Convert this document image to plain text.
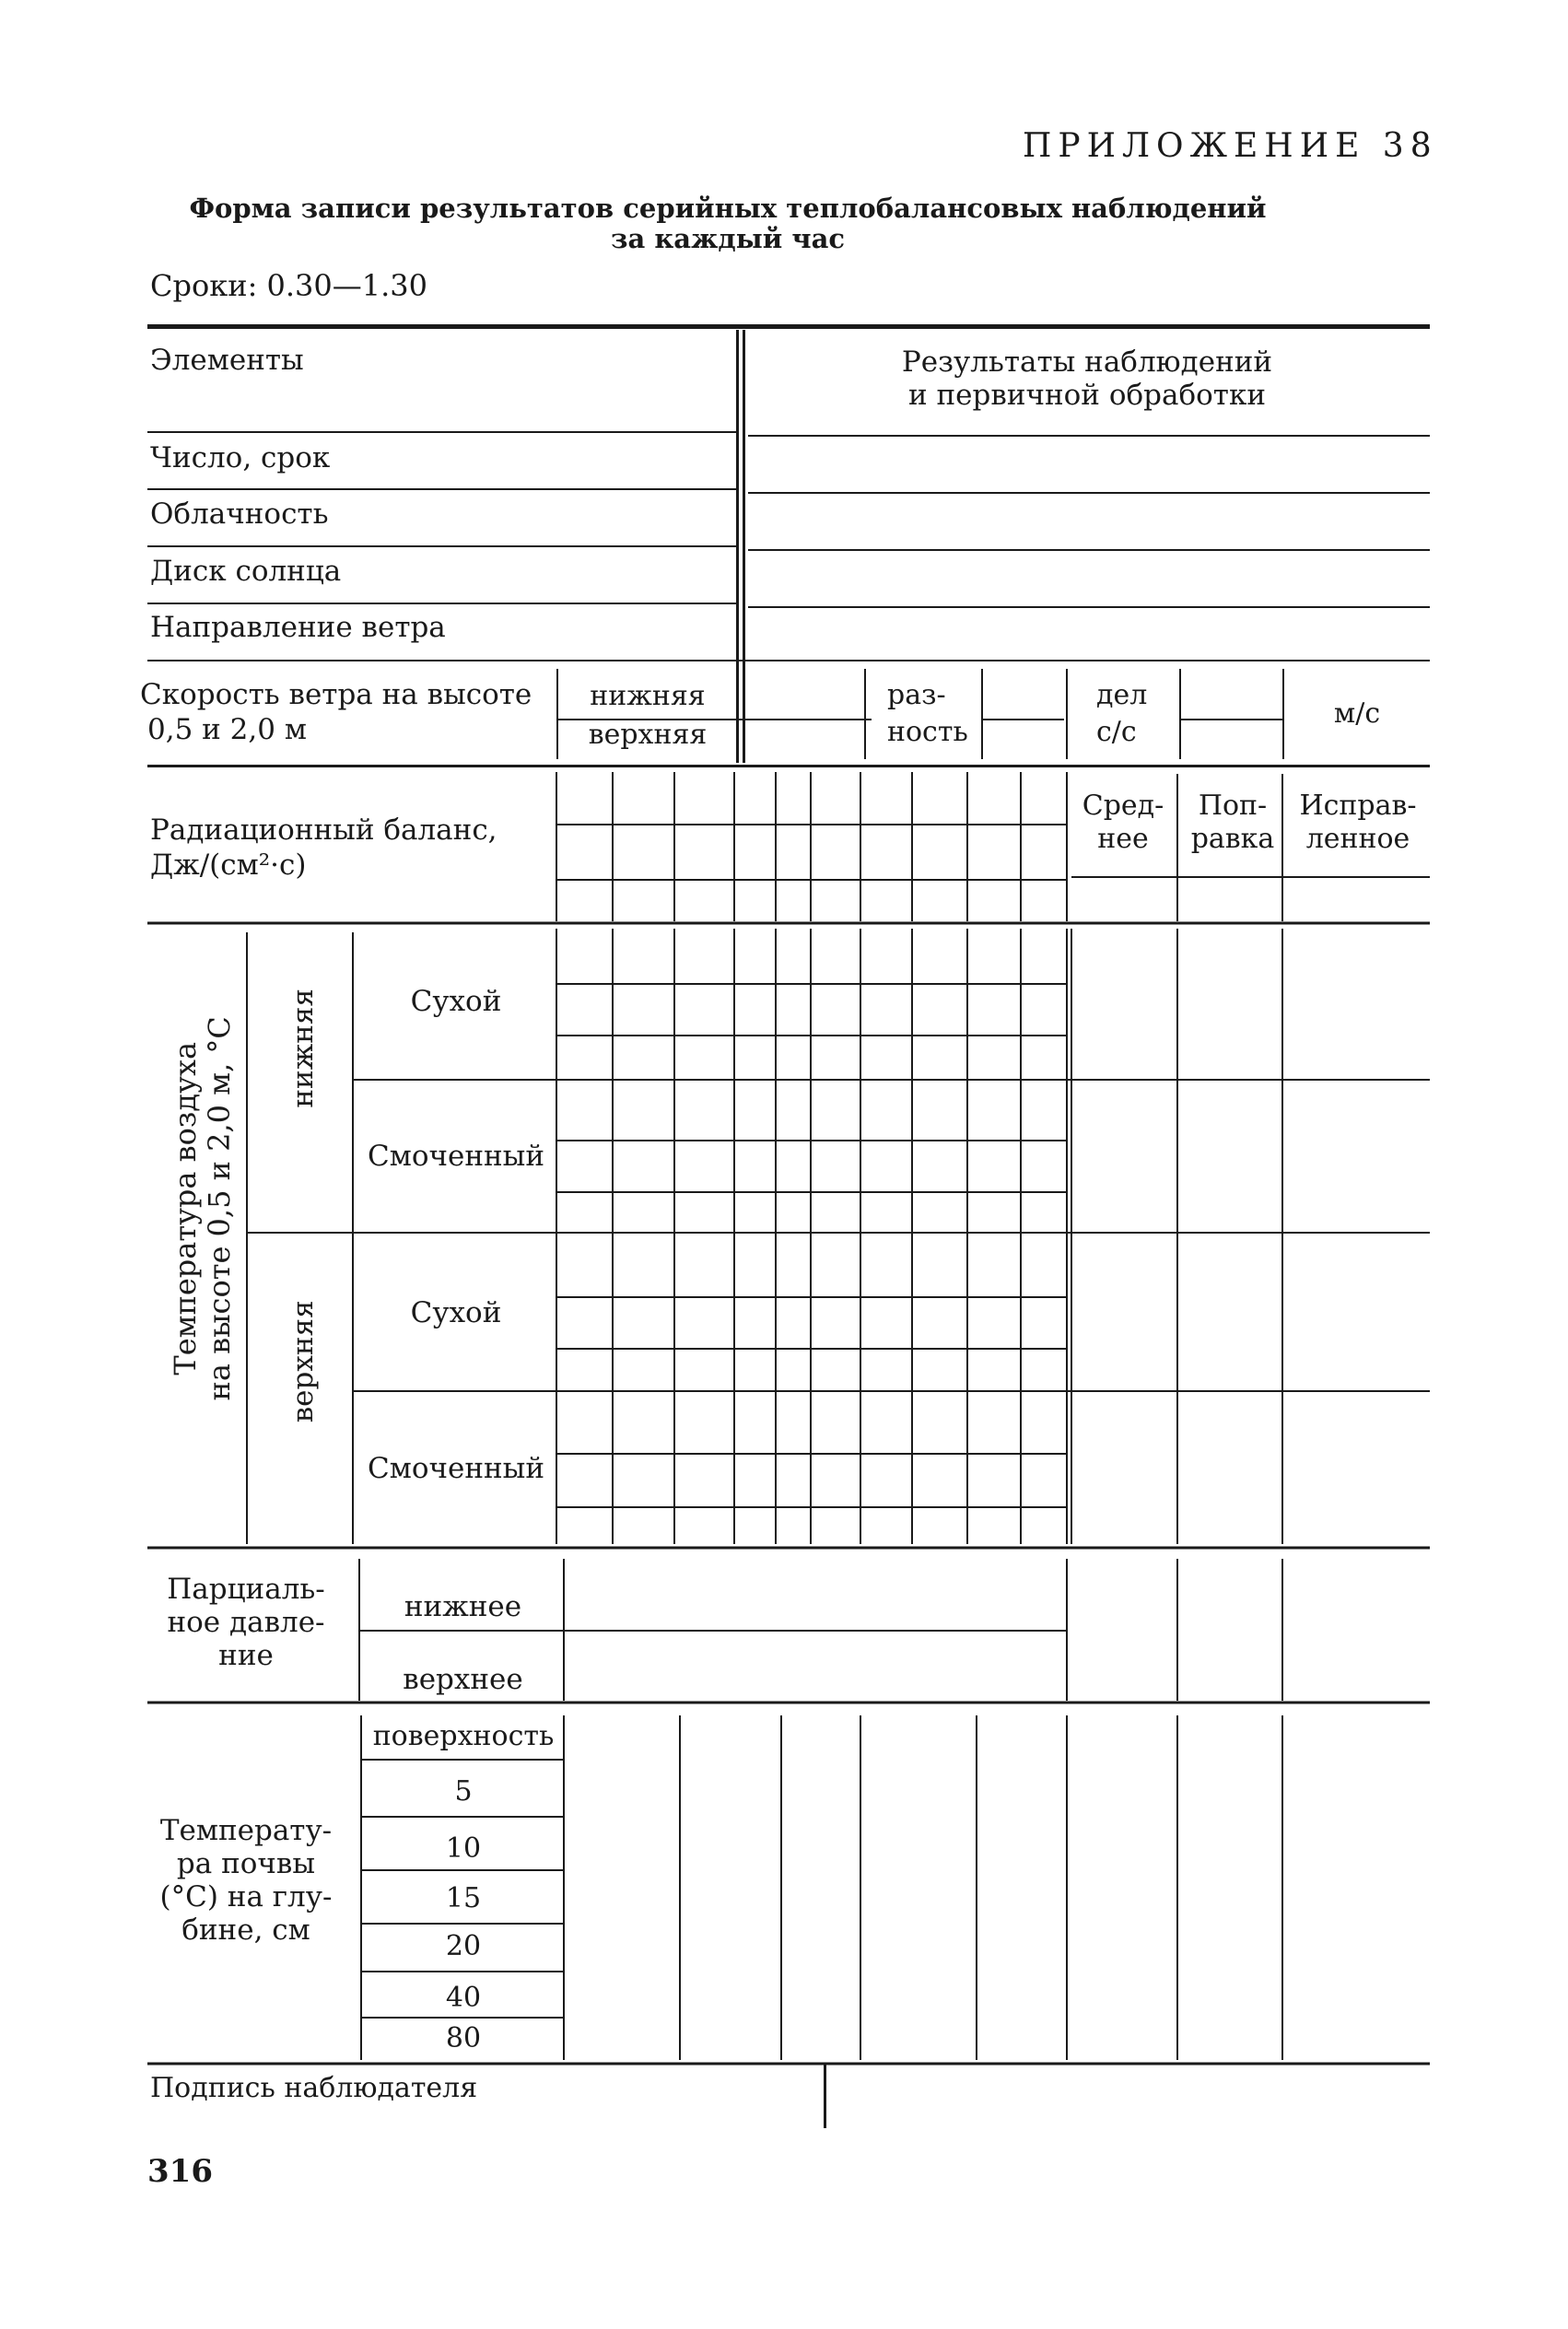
ПРИЛОЖЕНИЕ 38
Форма записи результатов серийных теплобалансовых наблюдений
за каждый час
Сроки: 0.30—1.30
Элементы	Результаты наблюдений
и первичной обработки
Число, срок
Облачность
Диск солнца
Направление ветра
Скорость ветра на высоте
0,5 и 2,0 м
нижняя
верхняя
раз-
ность
дел
с/с
м/с
Радиационный баланс,
Дж/(см²·с)
Сред-
нее
Поп-
равка
Исправ-
ленное
Температура воздуха
на высоте 0,5 и 2,0 м, °С нижняя
верхняя
Сухой
Смоченный
Сухой
Смоченный
Парциаль-
ное давле-
ние
нижнее
верхнее
Температу-
ра почвы
(°С) на глу-
бине, см
поверхность
5
10
15
20
40
80
Подпись наблюдателя
316
